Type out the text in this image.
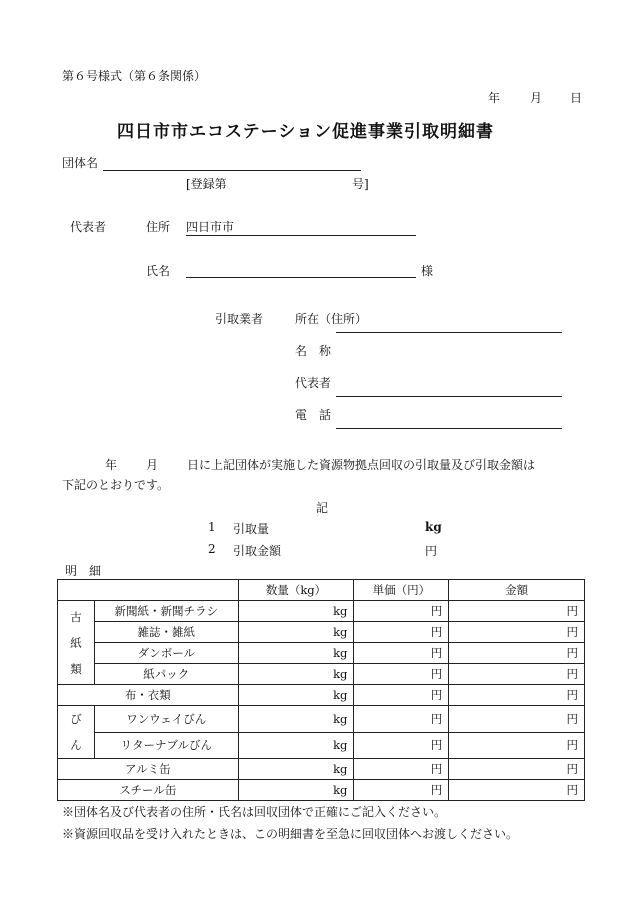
第６号様式（第６条関係）
年 月 日
四日市市エコステーション促進事業引取明細書
団体名
[登録第	号]
代表者	住所 四日市市
氏名	様
引取業者	所在（住所）
名　称
代表者
電　話
年 月 日に上記団体が実施した資源物拠点回収の引取量及び引取金額は
下記のとおりです。
記
1 引取量	kg
2 引取金額	円
明　細
		数量（kg）	単価（円）	金額

古
紙
類	新聞紙・新聞チラシ	kg	円	円
	雑誌・雑紙	kg	円	円
	ダンボール	kg	円	円
	紙パック	kg	円	円
布・衣類		kg	円	円

び
ん	ワンウェイびん	kg	円	円
	リターナブルびん	kg	円	円
アルミ缶		kg	円	円
スチール缶		kg	円	円
※団体名及び代表者の住所・氏名は回収団体で正確にご記入ください。
※資源回収品を受け入れたときは、この明細書を至急に回収団体へお渡しください。
